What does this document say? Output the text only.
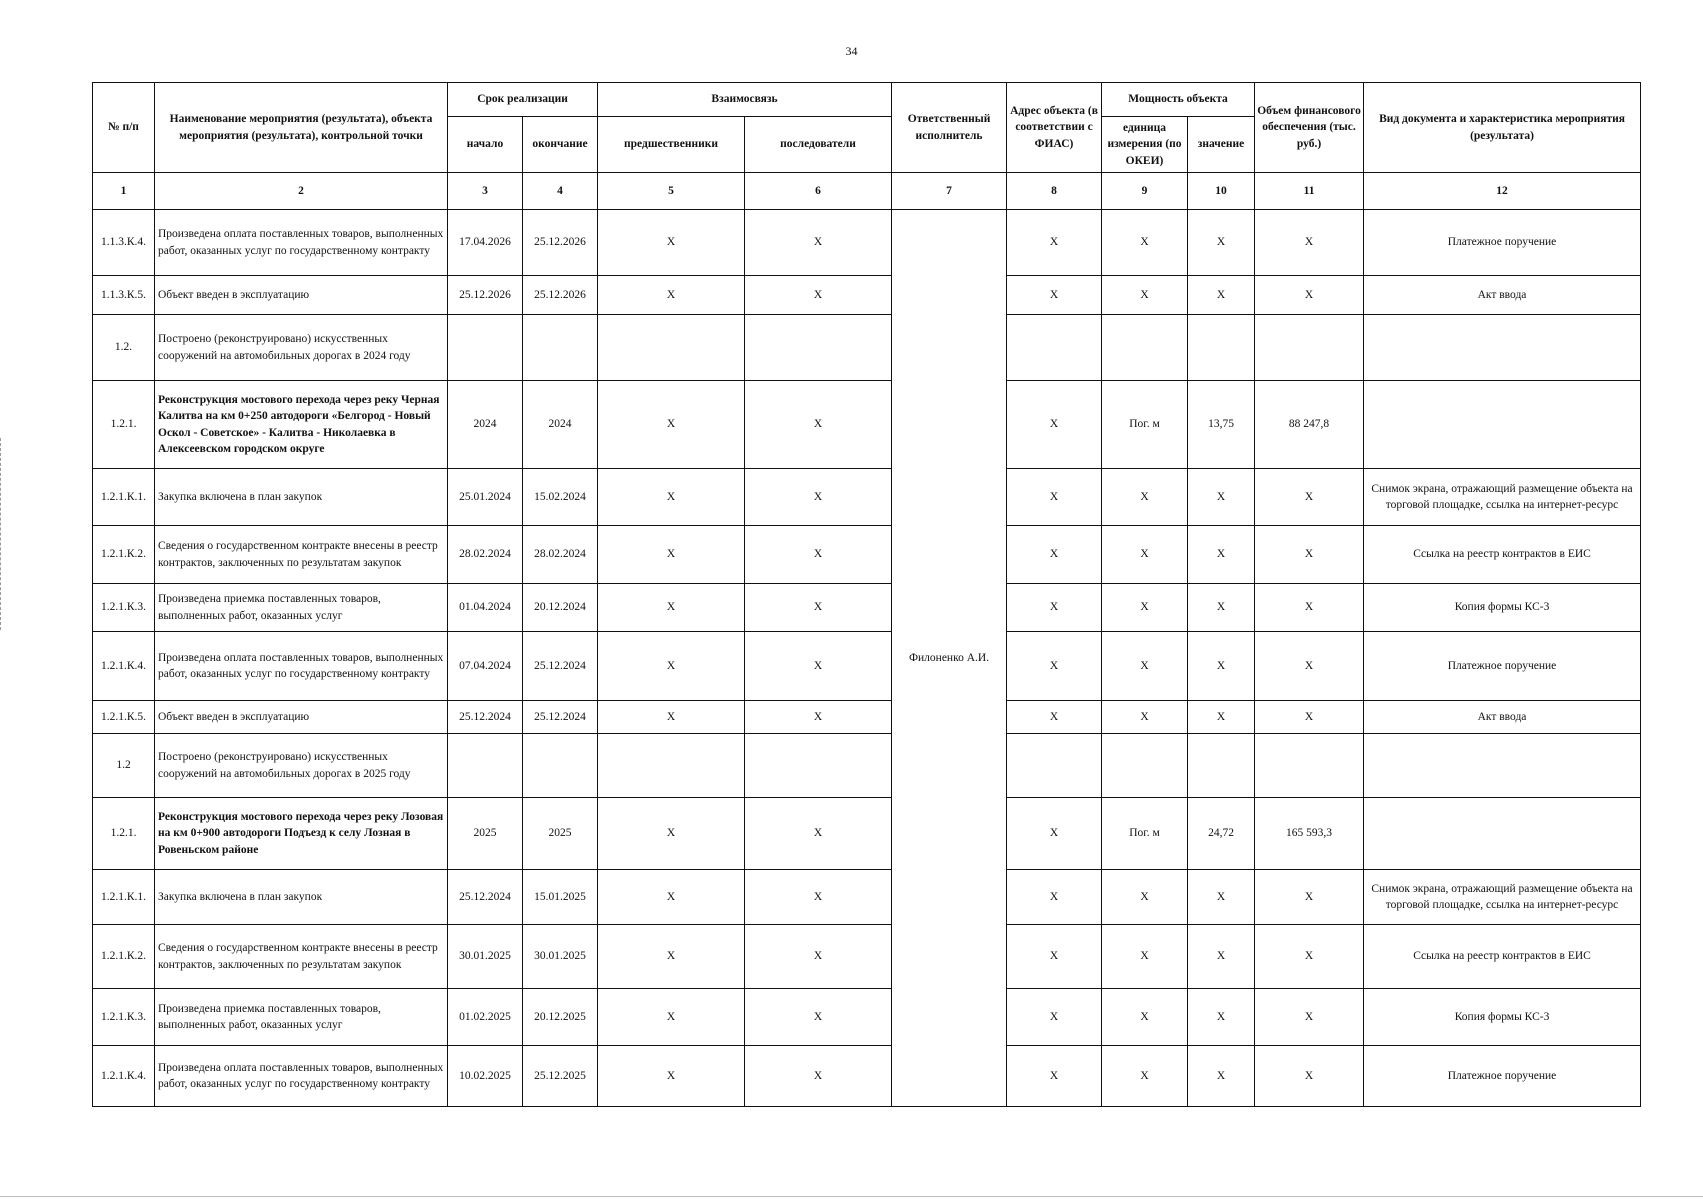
34
№ п/п	Наименование мероприятия (результата), объекта мероприятия (результата), контрольной точки	Срок реализации		Взаимосвязь		Ответственный исполнитель	Адрес объекта (в соответствии с ФИАС)	Мощность объекта		Объем финансового обеспечения (тыс. руб.)	Вид документа и характеристика мероприятия (результата)
		начало	окончание	предшественники	последователи			единица измерения (по ОКЕИ)	значение		
1	2	3	4	5	6	7	8	9	10	11	12
1.1.3.К.4.	Произведена оплата поставленных товаров, выполненных работ, оказанных услуг по государственному контракту	17.04.2026	25.12.2026	X	X	Филоненко А.И.	X	X	X	X	Платежное поручение
1.1.3.К.5.	Объект введен в эксплуатацию	25.12.2026	25.12.2026	X	X		X	X	X	X	Акт ввода
1.2.	Построено (реконструировано) искусственных сооружений на автомобильных дорогах в 2024 году										
1.2.1.	Реконструкция мостового перехода через реку Черная Калитва на км 0+250 автодороги «Белгород - Новый Оскол - Советское» - Калитва - Николаевка в Алексеевском городском округе	2024	2024	X	X		X	Пог. м	13,75	88 247,8	
1.2.1.К.1.	Закупка включена в план закупок	25.01.2024	15.02.2024	X	X		X	X	X	X	Снимок экрана, отражающий размещение объекта на торговой площадке, ссылка на интернет-ресурс
1.2.1.К.2.	Сведения о государственном контракте внесены в реестр контрактов, заключенных по результатам закупок	28.02.2024	28.02.2024	X	X		X	X	X	X	Ссылка на реестр контрактов в ЕИС
1.2.1.К.3.	Произведена приемка поставленных товаров, выполненных работ, оказанных услуг	01.04.2024	20.12.2024	X	X		X	X	X	X	Копия формы КС-3
1.2.1.К.4.	Произведена оплата поставленных товаров, выполненных работ, оказанных услуг по государственному контракту	07.04.2024	25.12.2024	X	X		X	X	X	X	Платежное поручение
1.2.1.К.5.	Объект введен в эксплуатацию	25.12.2024	25.12.2024	X	X		X	X	X	X	Акт ввода
1.2	Построено (реконструировано) искусственных сооружений на автомобильных дорогах в 2025 году										
1.2.1.	Реконструкция мостового перехода через реку Лозовая на км 0+900 автодороги Подъезд к селу Лозная в Ровеньском районе	2025	2025	X	X		X	Пог. м	24,72	165 593,3	
1.2.1.К.1.	Закупка включена в план закупок	25.12.2024	15.01.2025	X	X		X	X	X	X	Снимок экрана, отражающий размещение объекта на торговой площадке, ссылка на интернет-ресурс
1.2.1.К.2.	Сведения о государственном контракте внесены в реестр контрактов, заключенных по результатам закупок	30.01.2025	30.01.2025	X	X		X	X	X	X	Ссылка на реестр контрактов в ЕИС
1.2.1.К.3.	Произведена приемка поставленных товаров, выполненных работ, оказанных услуг	01.02.2025	20.12.2025	X	X		X	X	X	X	Копия формы КС-3
1.2.1.К.4.	Произведена оплата поставленных товаров, выполненных работ, оказанных услуг по государственному контракту	10.02.2025	25.12.2025	X	X		X	X	X	X	Платежное поручение
